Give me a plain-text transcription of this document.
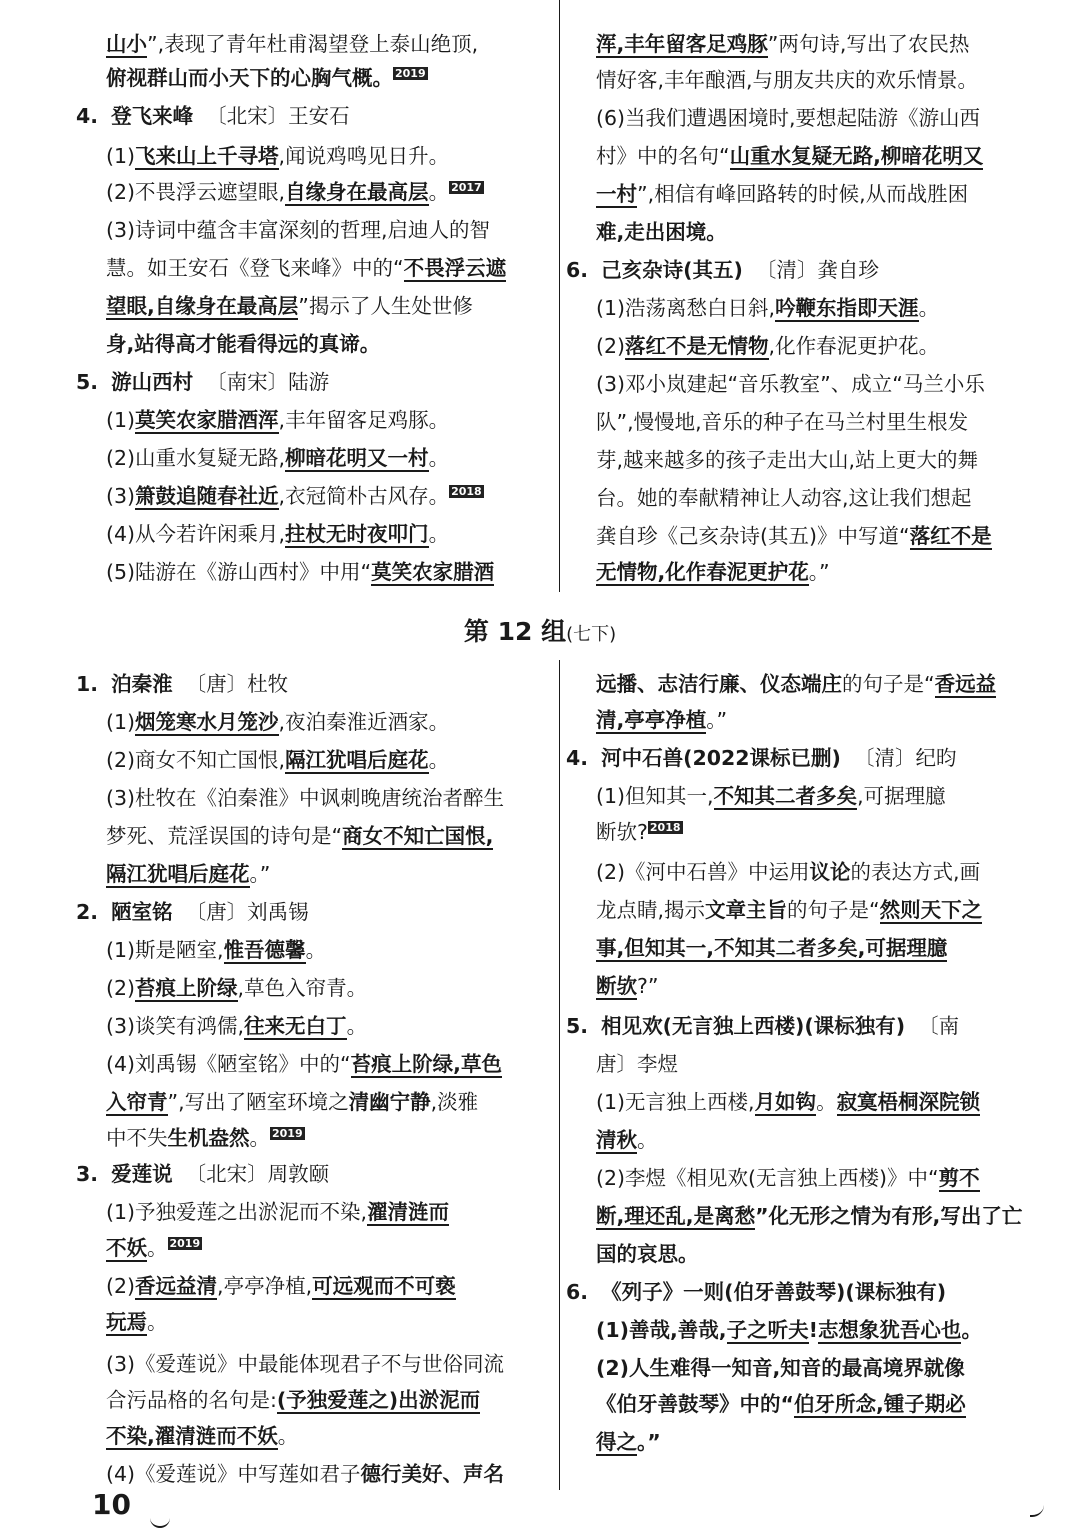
山小”,表现了青年杜甫渴望登上泰山绝顶,
俯视群山而小天下的心胸气概。 2019
4. 登飞来峰 〔北宋〕王安石
(1)飞来山上千寻塔,闻说鸡鸣见日升。
(2)不畏浮云遮望眼,自缘身在最高层。 2017
(3)诗词中蕴含丰富深刻的哲理,启迪人的智
慧。如王安石《登飞来峰》中的“不畏浮云遮
望眼,自缘身在最高层”揭示了人生处世修
身,站得高才能看得远的真谛。
5. 游山西村 〔南宋〕陆游
(1)莫笑农家腊酒浑,丰年留客足鸡豚。
(2)山重水复疑无路,柳暗花明又一村。
(3)箫鼓追随春社近,衣冠简朴古风存。 2018
(4)从今若许闲乘月,拄杖无时夜叩门。
(5)陆游在《游山西村》中用“莫笑农家腊酒
浑,丰年留客足鸡豚”两句诗,写出了农民热
情好客,丰年酿酒,与朋友共庆的欢乐情景。
(6)当我们遭遇困境时,要想起陆游《游山西
村》中的名句“山重水复疑无路,柳暗花明又
一村”,相信有峰回路转的时候,从而战胜困
难,走出困境。
6. 己亥杂诗(其五) 〔清〕龚自珍
(1)浩荡离愁白日斜,吟鞭东指即天涯。
(2)落红不是无情物,化作春泥更护花。
(3)邓小岚建起“音乐教室”、成立“马兰小乐
队”,慢慢地,音乐的种子在马兰村里生根发
芽,越来越多的孩子走出大山,站上更大的舞
台。她的奉献精神让人动容,这让我们想起
龚自珍《己亥杂诗(其五)》中写道“落红不是
无情物,化作春泥更护花。”
第 12 组(七下)
1. 泊秦淮 〔唐〕杜牧
(1)烟笼寒水月笼沙,夜泊秦淮近酒家。
(2)商女不知亡国恨,隔江犹唱后庭花。
(3)杜牧在《泊秦淮》中讽刺晚唐统治者醉生
梦死、荒淫误国的诗句是“商女不知亡国恨,
隔江犹唱后庭花。”
2. 陋室铭 〔唐〕刘禹锡
(1)斯是陋室,惟吾德馨。
(2)苔痕上阶绿,草色入帘青。
(3)谈笑有鸿儒,往来无白丁。
(4)刘禹锡《陋室铭》中的“苔痕上阶绿,草色
入帘青”,写出了陋室环境之清幽宁静,淡雅
中不失生机盎然。 2019
3. 爱莲说 〔北宋〕周敦颐
(1)予独爱莲之出淤泥而不染,濯清涟而
不妖。 2019
(2)香远益清,亭亭净植,可远观而不可亵
玩焉。
(3)《爱莲说》中最能体现君子不与世俗同流
合污品格的名句是:(予独爱莲之)出淤泥而
不染,濯清涟而不妖。
(4)《爱莲说》中写莲如君子德行美好、声名
远播、志洁行廉、仪态端庄的句子是“香远益
清,亭亭净植。”
4. 河中石兽(2022课标已删) 〔清〕纪昀
(1)但知其一,不知其二者多矣,可据理臆
断欤? 2018
(2)《河中石兽》中运用议论的表达方式,画
龙点睛,揭示文章主旨的句子是“然则天下之
事,但知其一,不知其二者多矣,可据理臆
断欤?”
5. 相见欢(无言独上西楼)(课标独有) 〔南
唐〕李煜
(1)无言独上西楼,月如钩。寂寞梧桐深院锁
清秋。
(2)李煜《相见欢(无言独上西楼)》中“剪不
断,理还乱,是离愁”化无形之情为有形,写出了亡
国的哀思。
6. 《列子》一则(伯牙善鼓琴)(课标独有)
(1)善哉,善哉,子之听夫!志想象犹吾心也。
(2)人生难得一知音,知音的最高境界就像
《伯牙善鼓琴》中的“伯牙所念,锺子期必
得之。”
10
